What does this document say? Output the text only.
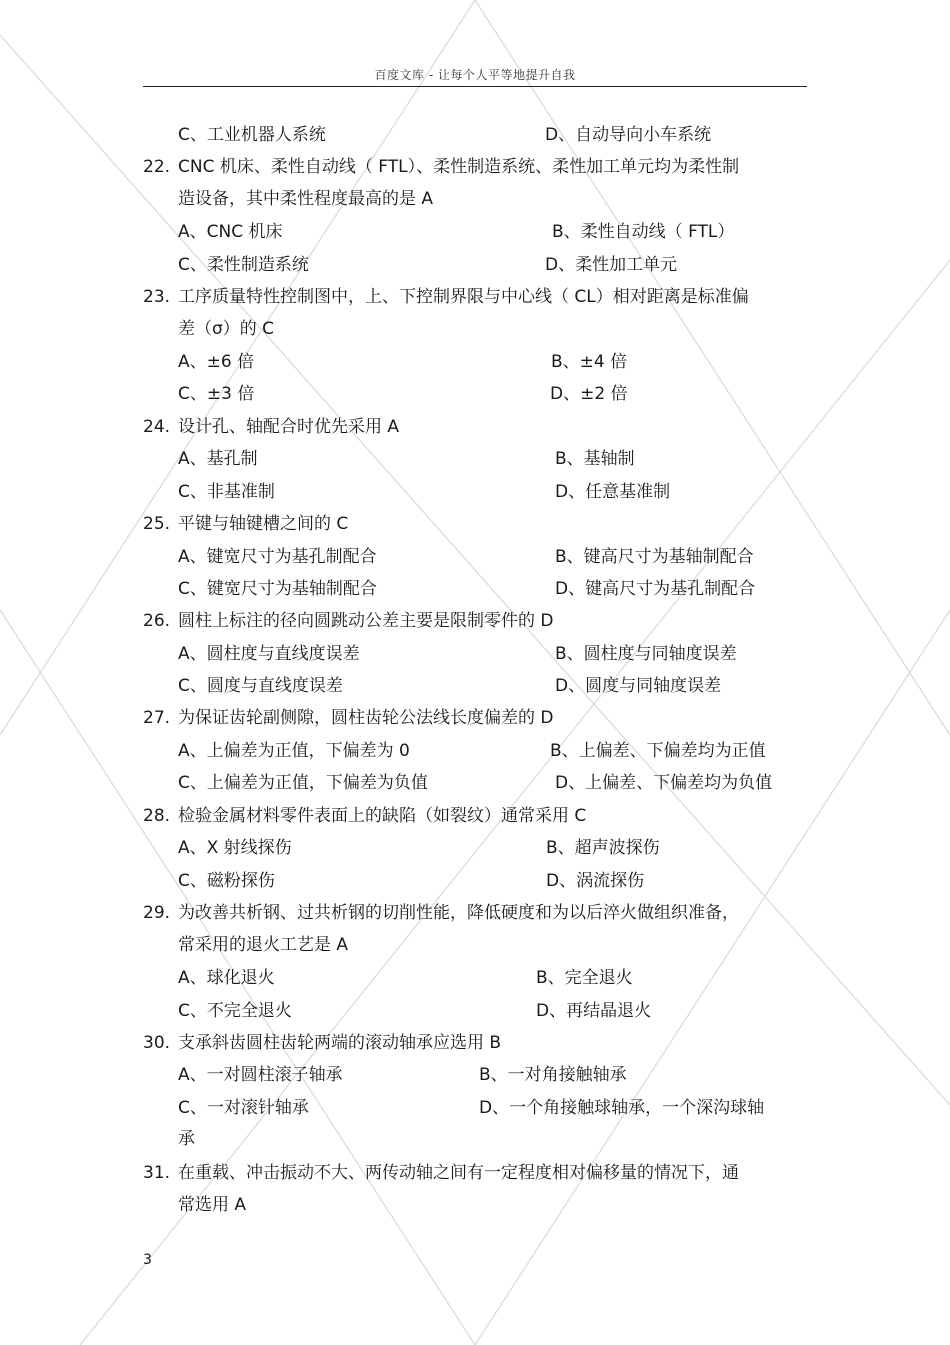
百度文库 - 让每个人平等地提升自我
C、工业机器人系统	D、自动导向小车系统
22. CNC 机床、柔性自动线（ FTL）、柔性制造系统、柔性加工单元均为柔性制
造设备，其中柔性程度最高的是 A
A、CNC 机床	B、柔性自动线（ FTL）
C、柔性制造系统	D、柔性加工单元
23. 工序质量特性控制图中，上、下控制界限与中心线（ CL）相对距离是标准偏
差（σ）的 C
A、±6 倍	B、±4 倍
C、±3 倍	D、±2 倍
24. 设计孔、轴配合时优先采用 A
A、基孔制	B、基轴制
C、非基准制	D、任意基准制
25. 平键与轴键槽之间的 C
A、键宽尺寸为基孔制配合	B、键高尺寸为基轴制配合
C、键宽尺寸为基轴制配合	D、键高尺寸为基孔制配合
26. 圆柱上标注的径向圆跳动公差主要是限制零件的 D
A、圆柱度与直线度误差	B、圆柱度与同轴度误差
C、圆度与直线度误差	D、圆度与同轴度误差
27. 为保证齿轮副侧隙，圆柱齿轮公法线长度偏差的 D
A、上偏差为正值，下偏差为 0	B、上偏差、下偏差均为正值
C、上偏差为正值，下偏差为负值	D、上偏差、下偏差均为负值
28. 检验金属材料零件表面上的缺陷（如裂纹）通常采用 C
A、X 射线探伤	B、超声波探伤
C、磁粉探伤	D、涡流探伤
29. 为改善共析钢、过共析钢的切削性能，降低硬度和为以后淬火做组织准备，
常采用的退火工艺是 A
A、球化退火	B、完全退火
C、不完全退火	D、再结晶退火
30. 支承斜齿圆柱齿轮两端的滚动轴承应选用 B
A、一对圆柱滚子轴承	B、一对角接触轴承
C、一对滚针轴承	D、一个角接触球轴承，一个深沟球轴
承
31. 在重载、冲击振动不大、两传动轴之间有一定程度相对偏移量的情况下，通
常选用 A
3
